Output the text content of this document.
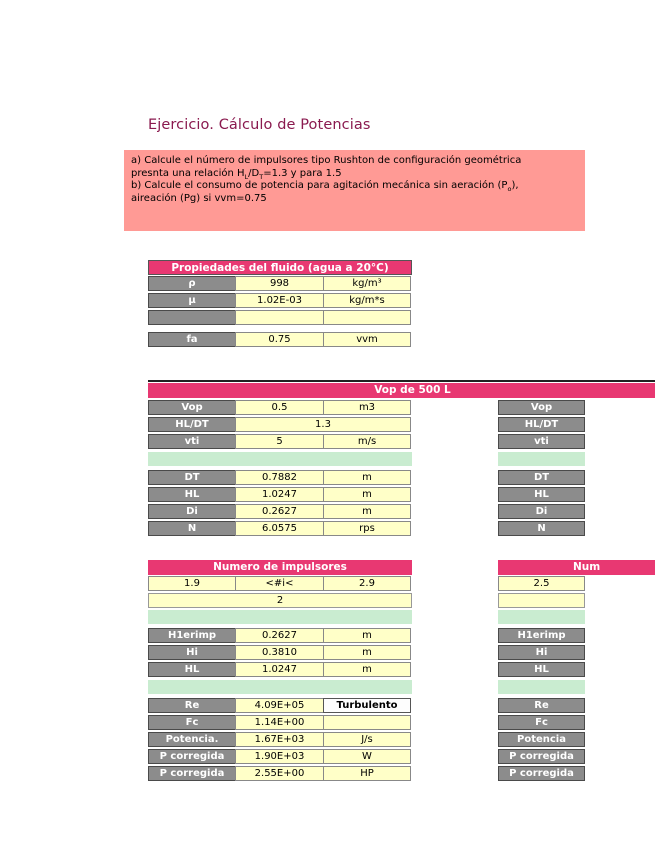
Ejercicio. Cálculo de Potencias
a) Calcule el número de impulsores tipo Rushton de configuración geométrica
presnta una relación $H_L/D_T=1.3$ y para 1.5
b) Calcule el consumo de potencia para agitación mecánica sin aeración $(P_o)$,
aireación (Pg) si vvm=0.75
Propiedades del fluido (agua a 20°C)
ρ	998	kg/m³
μ	1.02E-03	kg/m*s
fa	0.75	vvm
Vop de 500 L
Vop	0.5	m3
HL/DT	1.3
vti	5	m/s
DT	0.7882	m
HL	1.0247	m
Di	0.2627	m
N	6.0575	rps
Vop
HL/DT
vti
DT
HL
Di
N
Numero de impulsores
1.9	<#i<	2.9
2
H1erimp	0.2627	m
Hi	0.3810	m
HL	1.0247	m
Re	4.09E+05	Turbulento
Fc	1.14E+00
Potencia.	1.67E+03	J/s
P corregida	1.90E+03	W
P corregida	2.55E+00	HP
Num
2.5
H1erimp
Hi
HL
Re
Fc
Potencia
P corregida
P corregida
